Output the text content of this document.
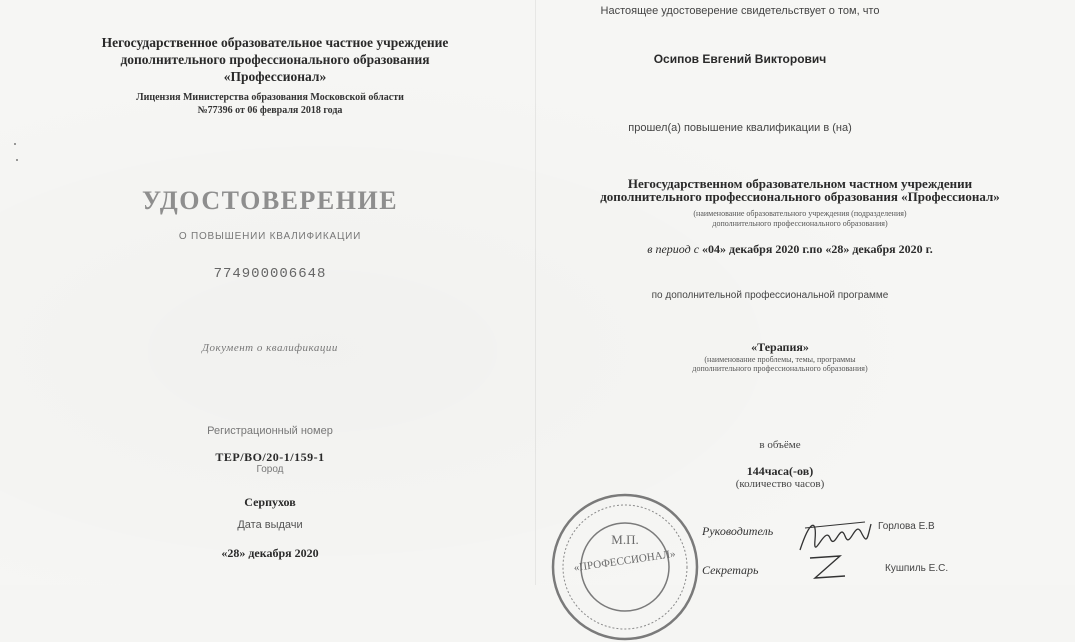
Негосударственное образовательное частное учреждение
дополнительного профессионального образования
«Профессионал»
Лицензия Министерства образования Московской области
№77396 от 06 февраля 2018 года
УДОСТОВЕРЕНИЕ
О ПОВЫШЕНИИ КВАЛИФИКАЦИИ
774900006648
Документ о квалификации
Регистрационный номер
ТЕР/ВО/20-1/159-1
Город
Серпухов
Дата выдачи
«28» декабря 2020
Настоящее удостоверение свидетельствует о том, что
Осипов Евгений Викторович
прошел(а) повышение квалификации в (на)
Негосударственном образовательном частном учреждении
дополнительного профессионального образования «Профессионал»
(наименование образовательного учреждения (подразделения)
дополнительного профессионального образования)
в период с «04» декабря 2020 г.по «28» декабря 2020 г.
по дополнительной профессиональной программе
«Терапия»
(наименование проблемы, темы, программы
дополнительного профессионального образования)
в объёме
144часа(-ов)
(количество часов)
М.П.
«ПРОФЕССИОНАЛ»
Руководитель	Горлова Е.В
Секретарь	Кушпиль Е.С.
